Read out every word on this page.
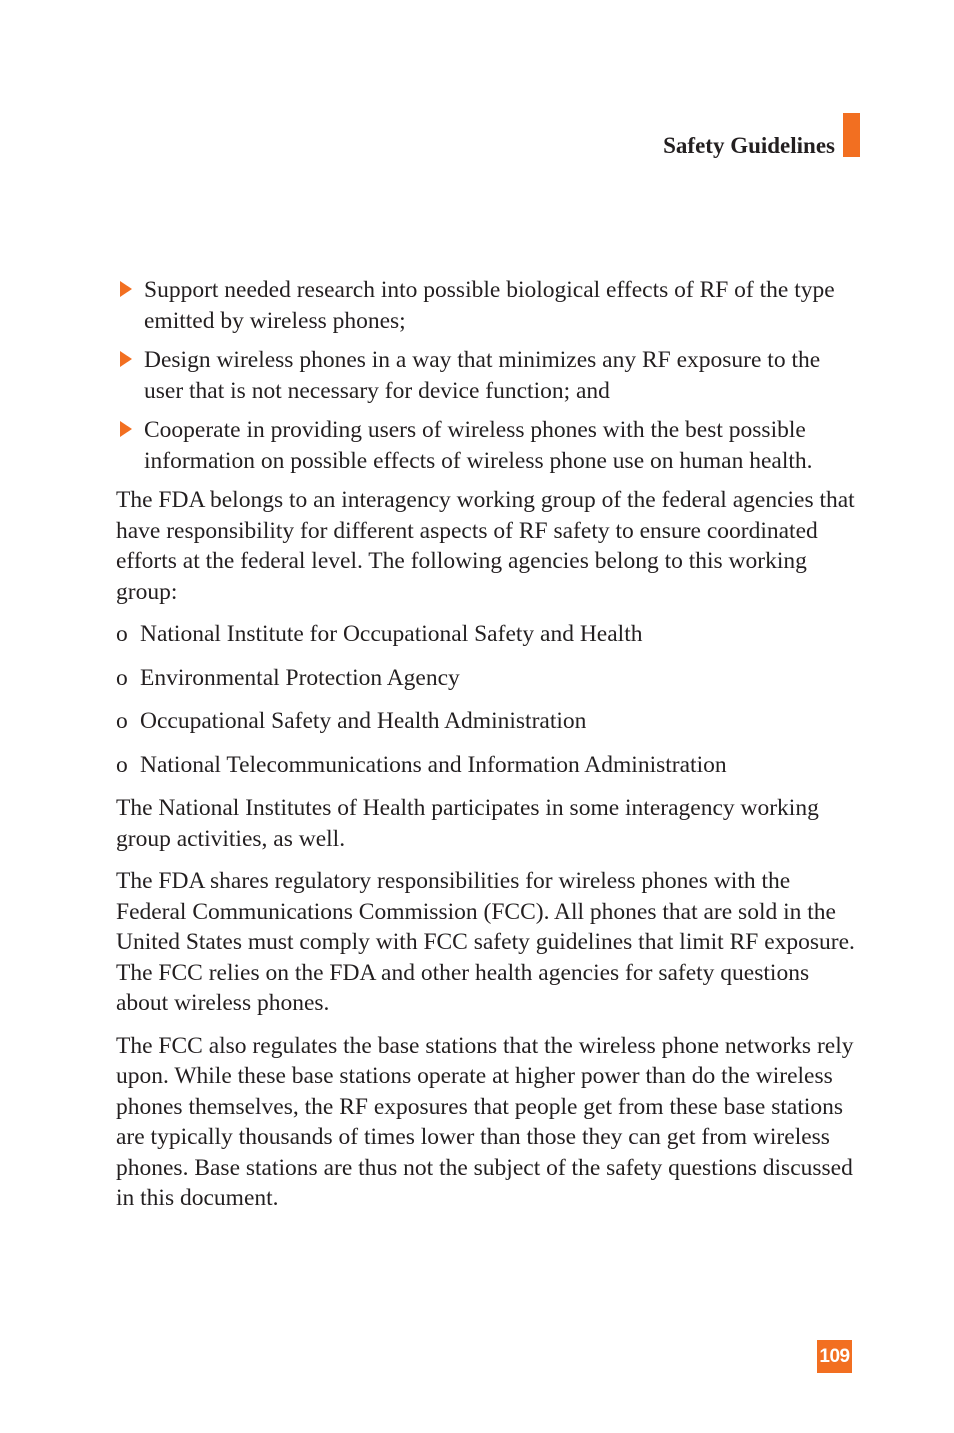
Safety Guidelines
Support needed research into possible biological effects of RF of the type emitted by wireless phones;
Design wireless phones in a way that minimizes any RF exposure to the user that is not necessary for device function; and
Cooperate in providing users of wireless phones with the best possible information on possible effects of wireless phone use on human health.

The FDA belongs to an interagency working group of the federal agencies that have responsibility for different aspects of RF safety to ensure coordinated efforts at the federal level. The following agencies belong to this working group:

o National Institute for Occupational Safety and Health
o Environmental Protection Agency
o Occupational Safety and Health Administration
o National Telecommunications and Information Administration

The National Institutes of Health participates in some interagency working group activities, as well.

The FDA shares regulatory responsibilities for wireless phones with the Federal Communications Commission (FCC). All phones that are sold in the United States must comply with FCC safety guidelines that limit RF exposure. The FCC relies on the FDA and other health agencies for safety questions about wireless phones.

The FCC also regulates the base stations that the wireless phone networks rely upon. While these base stations operate at higher power than do the wireless phones themselves, the RF exposures that people get from these base stations are typically thousands of times lower than those they can get from wireless phones. Base stations are thus not the subject of the safety questions discussed in this document.

109
